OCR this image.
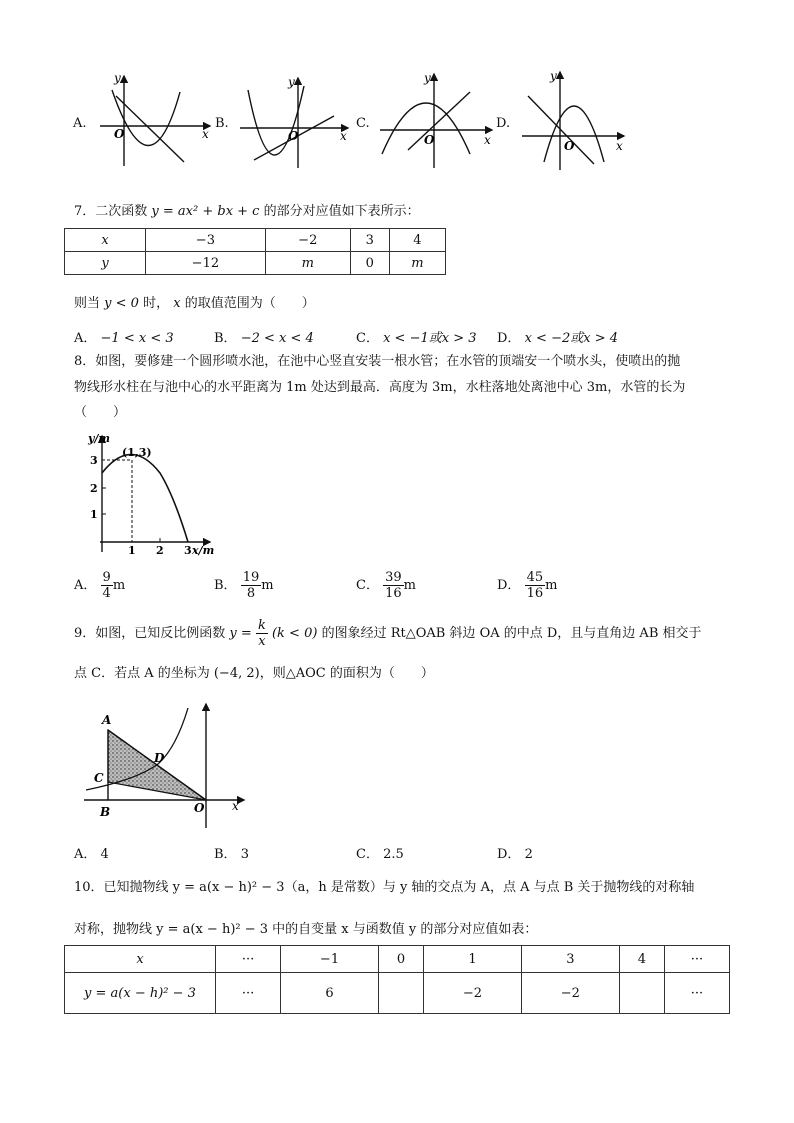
A.
y
x
O
B.
y
x
O
C.
y
x
O
D.
y
x
O
7．二次函数 y = ax² + bx + c 的部分对应值如下表所示：
x	−3	−2	3	4
y	−12	m	0	m
则当 y < 0 时， x 的取值范围为（　　）
A． −1 < x < 3	B． −2 < x < 4	C． x < −1或x > 3 D． x < −2或x > 4
8．如图，要修建一个圆形喷水池，在池中心竖直安装一根水管；在水管的顶端安一个喷水头，使喷出的抛
物线形水柱在与池中心的水平距离为 1m 处达到最高．高度为 3m，水柱落地处离池中心 3m，水管的长为
（　　）
y/m
(1,3)
3
2
1
1 2 3 x/m
A． $\frac{9}{4}$ m	B． $\frac{19}{8}$ m	C． $\frac{39}{16}$ m	D． $\frac{45}{16}$ m
9．如图，已知反比例函数 $y = \frac{k}{x} (k < 0)$ 的图象经过 Rt△OAB 斜边 OA 的中点 D，且与直角边 AB 相交于
点 C．若点 A 的坐标为 (−4, 2)，则△AOC 的面积为（　　）
A
D
C
B	O x
A． 4	B． 3	C． 2.5	D． 2
10．已知抛物线 y = a(x − h)² − 3（a，h 是常数）与 y 轴的交点为 A，点 A 与点 B 关于抛物线的对称轴
对称，抛物线 y = a(x − h)² − 3 中的自变量 x 与函数值 y 的部分对应值如表：
x	···	−1	0	1	3	4	···
y = a(x − h)² − 3	···	6		−2	−2		···
